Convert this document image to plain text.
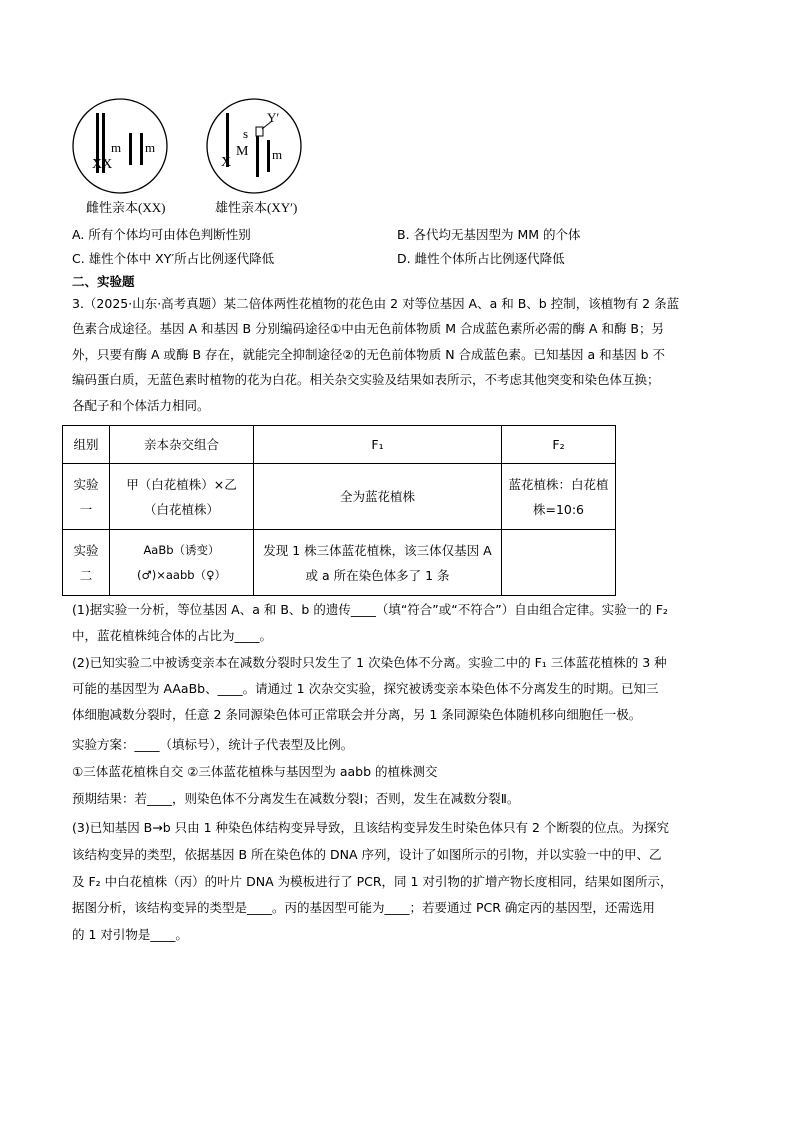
m m
XX
Y′
s
M m
X
雌性亲本(XX)	雄性亲本(XY′)
A. 所有个体均可由体色判断性别	B. 各代均无基因型为 MM 的个体
C. 雄性个体中 XY′所占比例逐代降低	D. 雌性个体所占比例逐代降低
二、实验题
3.（2025·山东·高考真题）某二倍体两性花植物的花色由 2 对等位基因 A、a 和 B、b 控制，该植物有 2 条蓝
色素合成途径。基因 A 和基因 B 分别编码途径①中由无色前体物质 M 合成蓝色素所必需的酶 A 和酶 B；另
外，只要有酶 A 或酶 B 存在，就能完全抑制途径②的无色前体物质 N 合成蓝色素。已知基因 a 和基因 b 不
编码蛋白质，无蓝色素时植物的花为白花。相关杂交实验及结果如表所示，不考虑其他突变和染色体互换；
各配子和个体活力相同。
组别	亲本杂交组合	F₁	F₂

实验一	甲（白花植株）×乙（白花植株）	全为蓝花植株	蓝花植株：白花植株=10:6

实验二	AaBb（诱变）(♂)×aabb（♀）	发现 1 株三体蓝花植株，该三体仅基因 A 或 a 所在染色体多了 1 条	

(1)据实验一分析，等位基因 A、a 和 B、b 的遗传____（填“符合”或“不符合”）自由组合定律。实验一的 F₂
中，蓝花植株纯合体的占比为____。
(2)已知实验二中被诱变亲本在减数分裂时只发生了 1 次染色体不分离。实验二中的 F₁ 三体蓝花植株的 3 种
可能的基因型为 AAaBb、____。请通过 1 次杂交实验，探究被诱变亲本染色体不分离发生的时期。已知三
体细胞减数分裂时，任意 2 条同源染色体可正常联会并分离，另 1 条同源染色体随机移向细胞任一极。
实验方案：____（填标号），统计子代表型及比例。
①三体蓝花植株自交 ②三体蓝花植株与基因型为 aabb 的植株测交
预期结果：若____，则染色体不分离发生在减数分裂Ⅰ；否则，发生在减数分裂Ⅱ。
(3)已知基因 B→b 只由 1 种染色体结构变异导致，且该结构变异发生时染色体只有 2 个断裂的位点。为探究
该结构变异的类型，依据基因 B 所在染色体的 DNA 序列，设计了如图所示的引物，并以实验一中的甲、乙
及 F₂ 中白花植株（丙）的叶片 DNA 为模板进行了 PCR，同 1 对引物的扩增产物长度相同，结果如图所示，
据图分析，该结构变异的类型是____。丙的基因型可能为____；若要通过 PCR 确定丙的基因型，还需选用
的 1 对引物是____。
